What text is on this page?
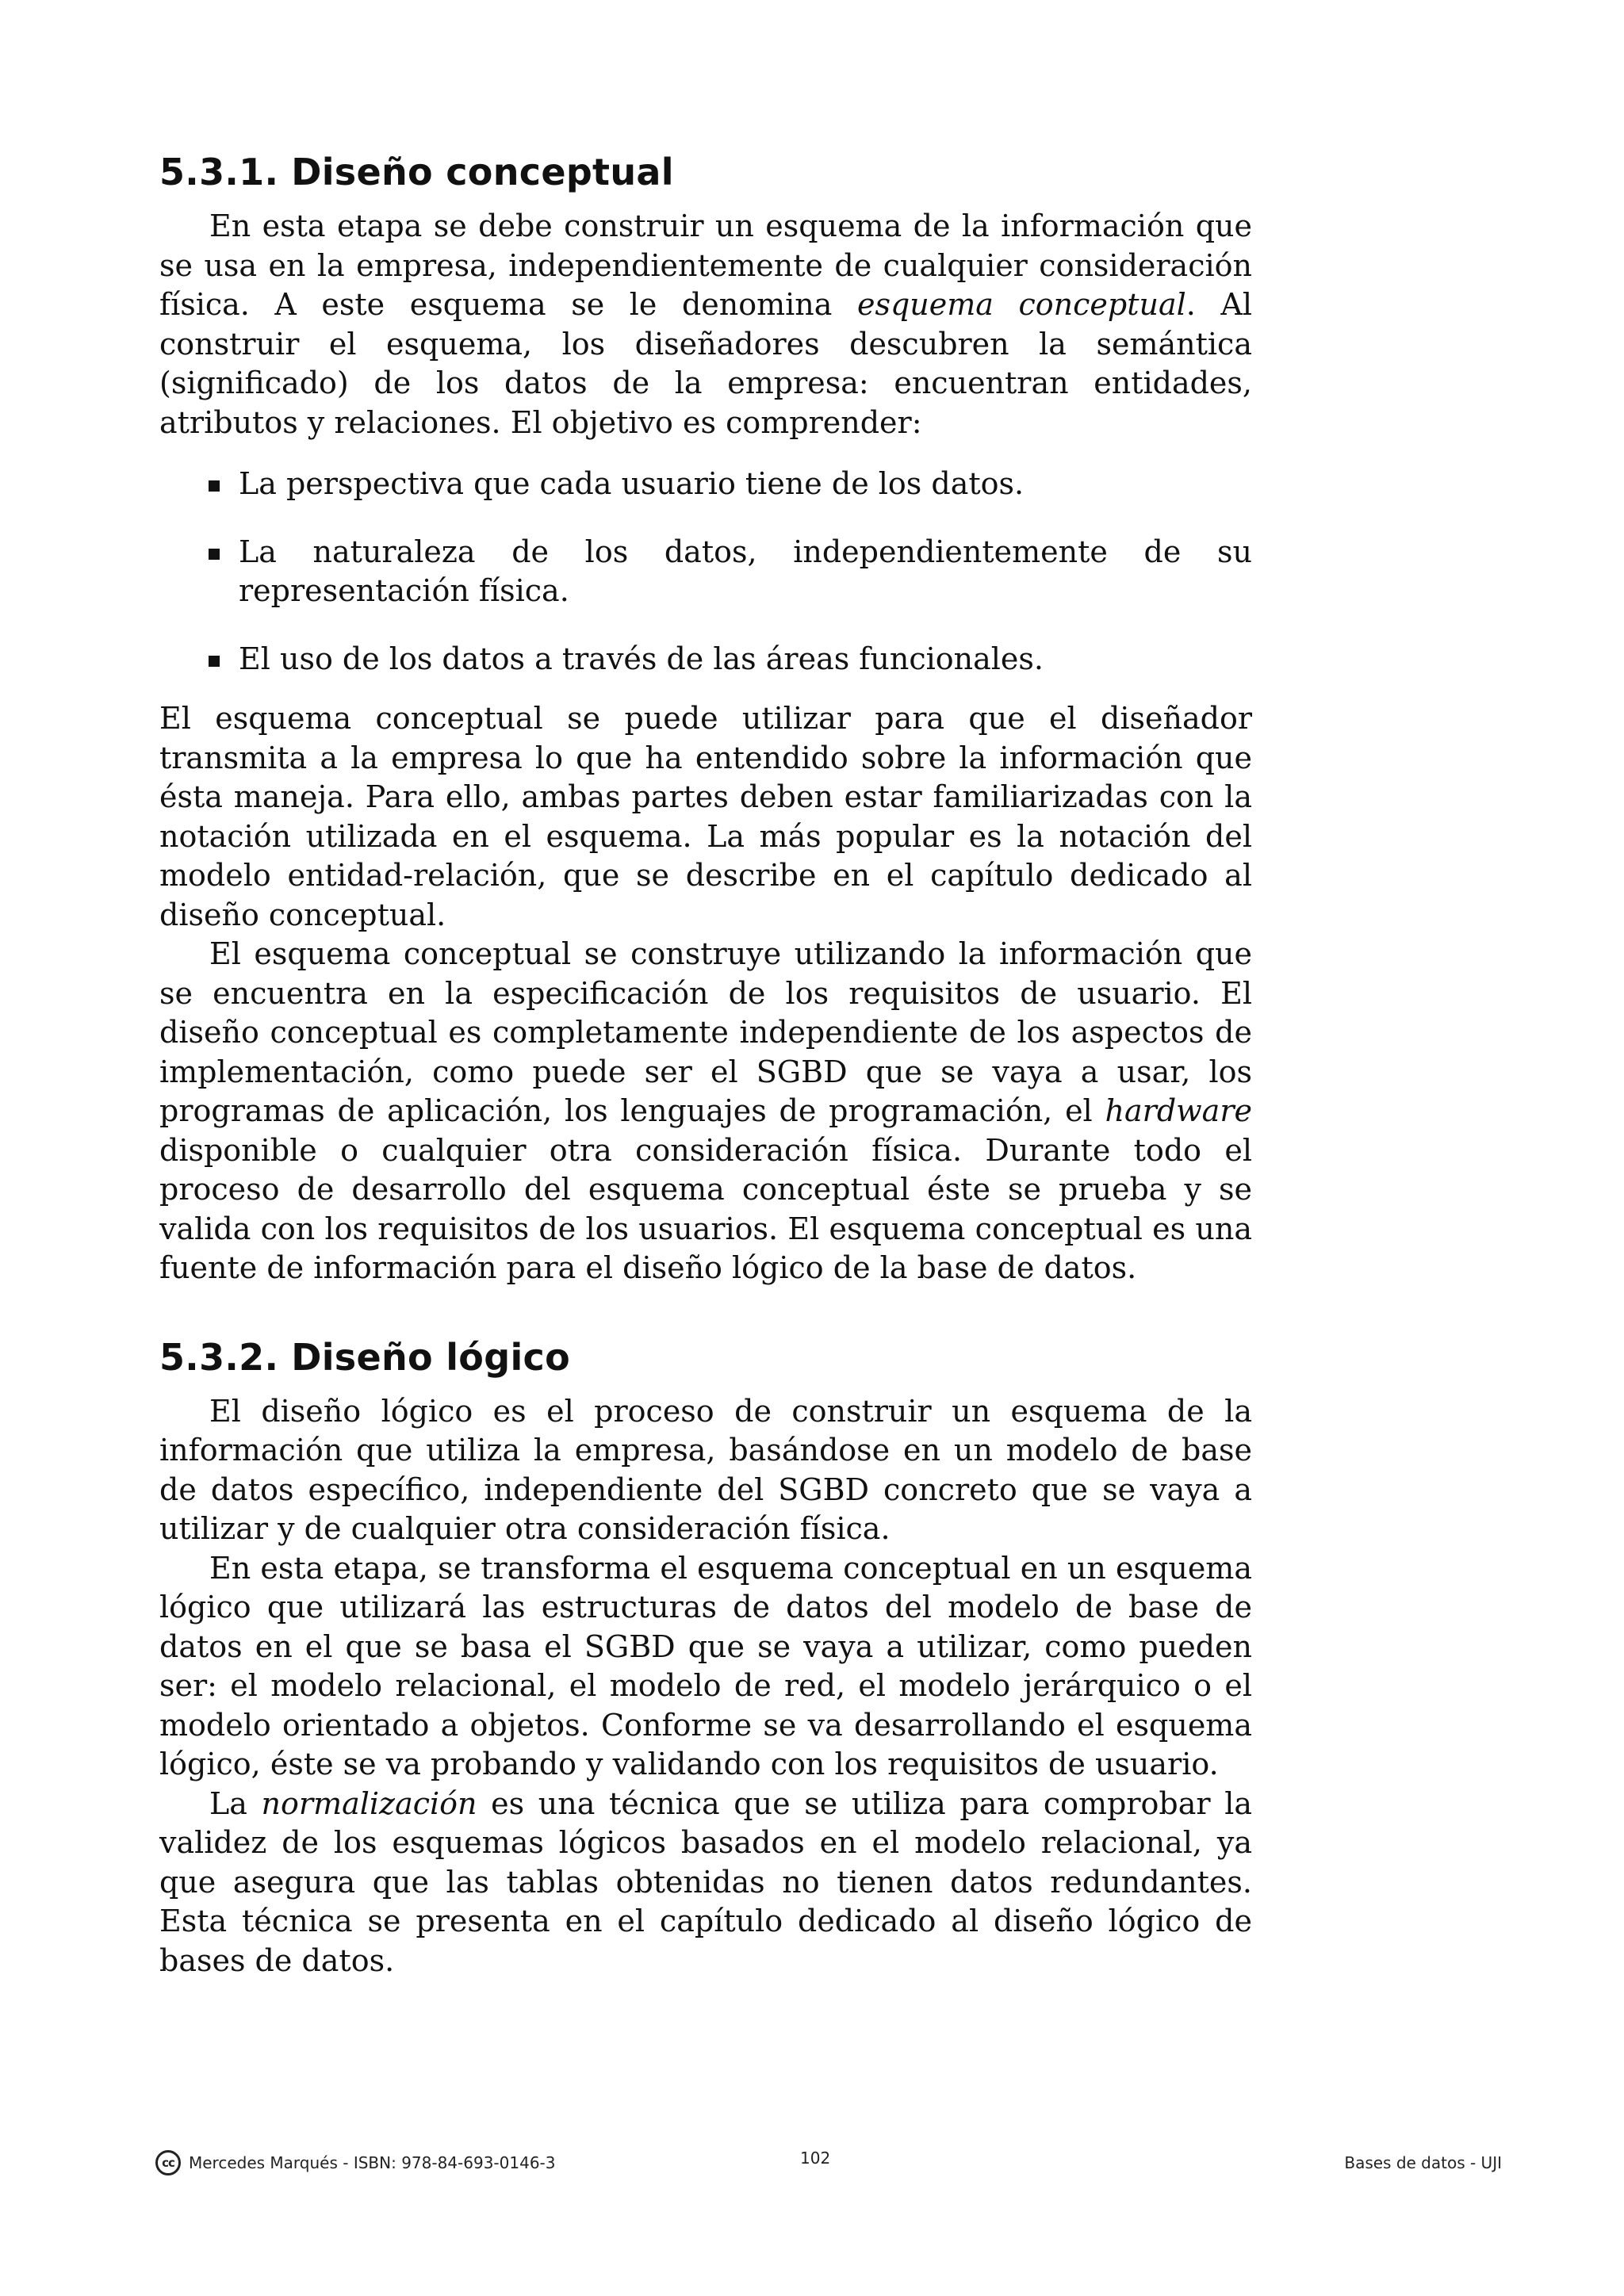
5.3.1. Diseño conceptual

En esta etapa se debe construir un esquema de la información que se usa en la empresa, independientemente de cualquier consideración física. A este esquema se le denomina esquema conceptual. Al construir el esquema, los diseñadores descubren la semántica (significado) de los datos de la empresa: encuentran entidades, atributos y relaciones. El objetivo es comprender:

La perspectiva que cada usuario tiene de los datos.
La naturaleza de los datos, independientemente de su representación física.
El uso de los datos a través de las áreas funcionales.

El esquema conceptual se puede utilizar para que el diseñador transmita a la empresa lo que ha entendido sobre la información que ésta maneja. Para ello, ambas partes deben estar familiarizadas con la notación utilizada en el esquema. La más popular es la notación del modelo entidad-relación, que se describe en el capítulo dedicado al diseño conceptual.

El esquema conceptual se construye utilizando la información que se encuentra en la especificación de los requisitos de usuario. El diseño conceptual es completamente independiente de los aspectos de implementación, como puede ser el SGBD que se vaya a usar, los programas de aplicación, los lenguajes de programación, el hardware disponible o cualquier otra consideración física. Durante todo el proceso de desarrollo del esquema conceptual éste se prueba y se valida con los requisitos de los usuarios. El esquema conceptual es una fuente de información para el diseño lógico de la base de datos.

5.3.2. Diseño lógico

El diseño lógico es el proceso de construir un esquema de la información que utiliza la empresa, basándose en un modelo de base de datos específico, independiente del SGBD concreto que se vaya a utilizar y de cualquier otra consideración física.

En esta etapa, se transforma el esquema conceptual en un esquema lógico que utilizará las estructuras de datos del modelo de base de datos en el que se basa el SGBD que se vaya a utilizar, como pueden ser: el modelo relacional, el modelo de red, el modelo jerárquico o el modelo orientado a objetos. Conforme se va desarrollando el esquema lógico, éste se va probando y validando con los requisitos de usuario.

La normalización es una técnica que se utiliza para comprobar la validez de los esquemas lógicos basados en el modelo relacional, ya que asegura que las tablas obtenidas no tienen datos redundantes. Esta técnica se presenta en el capítulo dedicado al diseño lógico de bases de datos.

cc Mercedes Marqués - ISBN: 978-84-693-0146-3	102	Bases de datos - UJI
